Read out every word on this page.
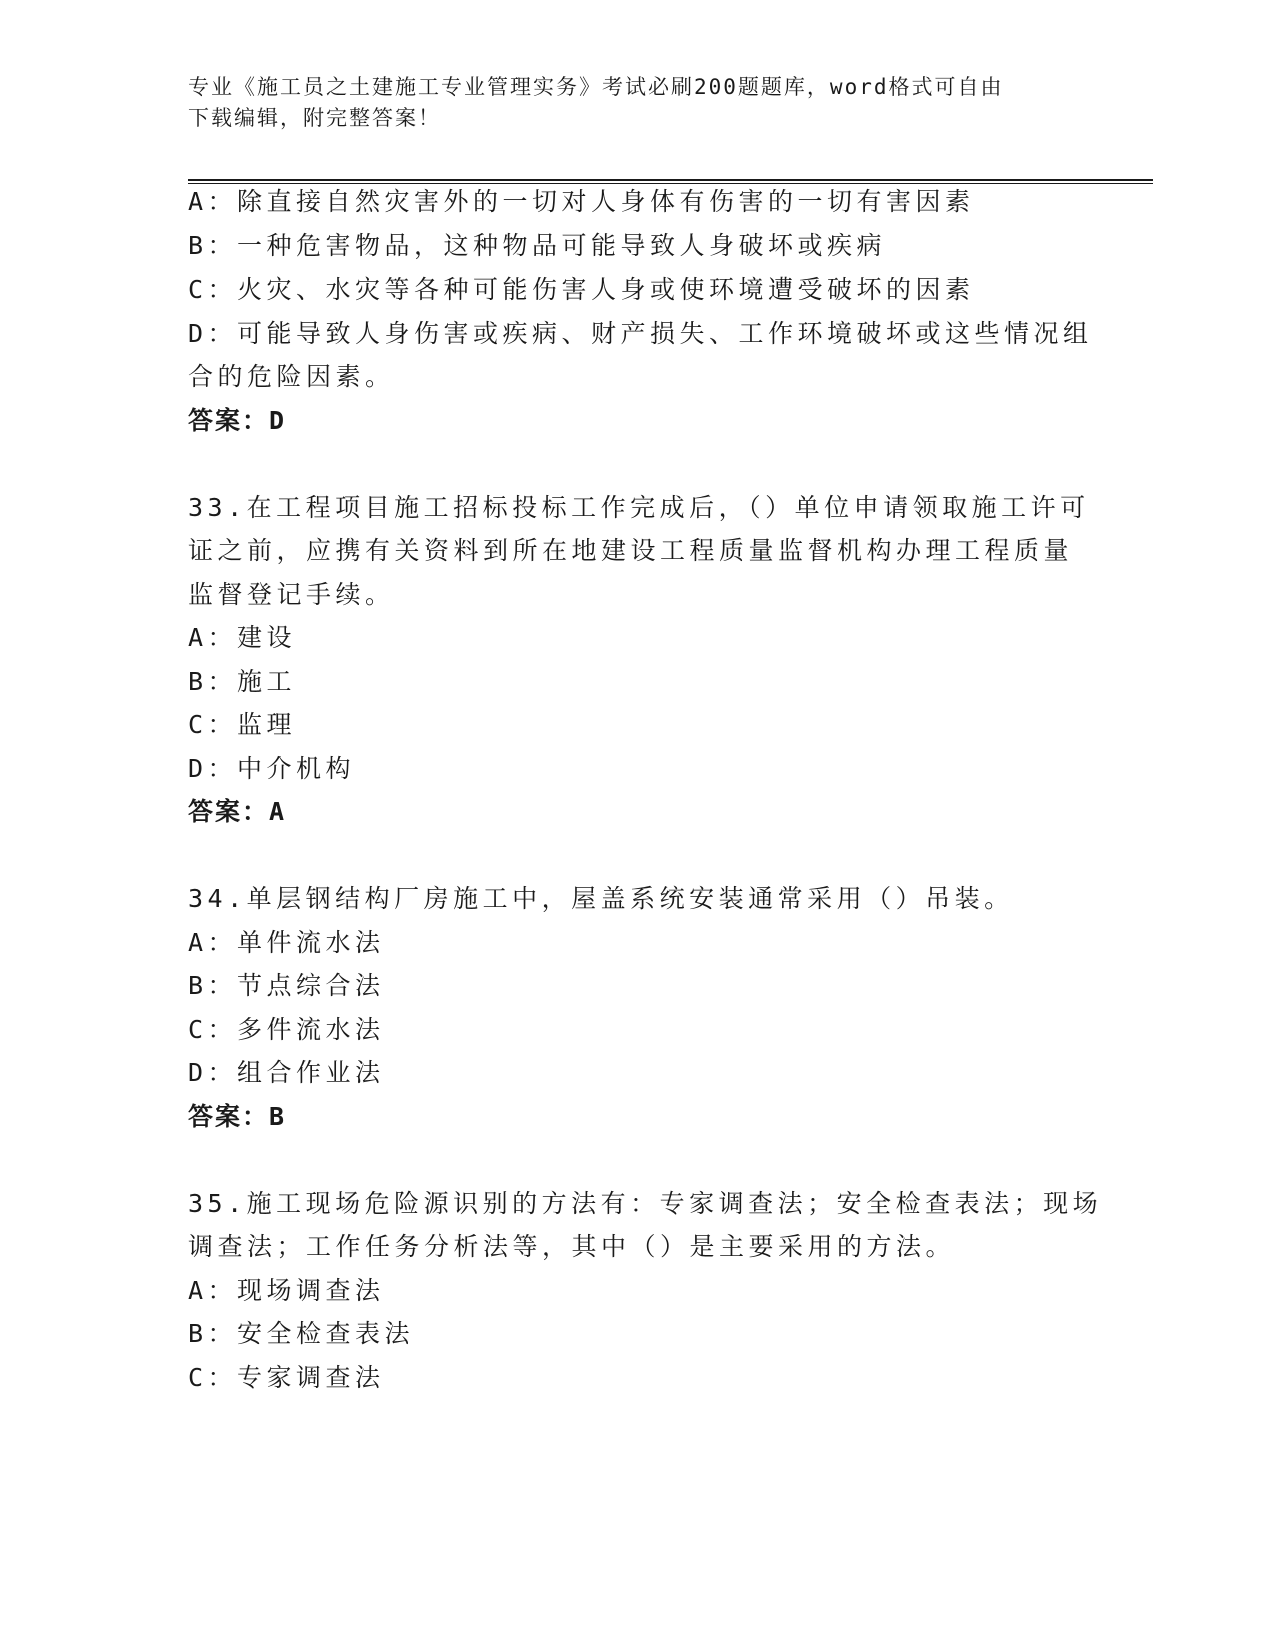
专业《施工员之土建施工专业管理实务》考试必刷200题题库，word格式可自由
下载编辑，附完整答案！
A：除直接自然灾害外的一切对人身体有伤害的一切有害因素
B：一种危害物品，这种物品可能导致人身破坏或疾病
C：火灾、水灾等各种可能伤害人身或使环境遭受破坏的因素
D：可能导致人身伤害或疾病、财产损失、工作环境破坏或这些情况组
合的危险因素。
答案：D
33.在工程项目施工招标投标工作完成后，（）单位申请领取施工许可
证之前，应携有关资料到所在地建设工程质量监督机构办理工程质量
监督登记手续。
A：建设
B：施工
C：监理
D：中介机构
答案：A
34.单层钢结构厂房施工中，屋盖系统安装通常采用（）吊装。
A：单件流水法
B：节点综合法
C：多件流水法
D：组合作业法
答案：B
35.施工现场危险源识别的方法有：专家调查法；安全检查表法；现场
调查法；工作任务分析法等，其中（）是主要采用的方法。
A：现场调查法
B：安全检查表法
C：专家调查法
